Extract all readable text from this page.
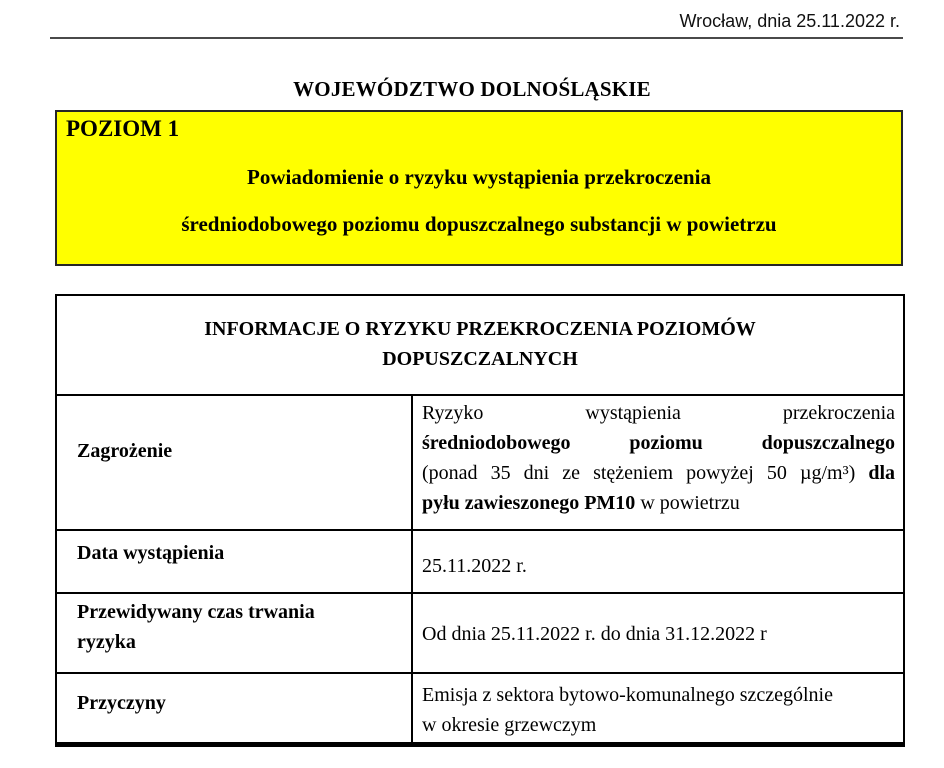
Wrocław, dnia 25.11.2022 r.
WOJEWÓDZTWO DOLNOŚLĄSKIE
POZIOM 1
Powiadomienie o ryzyku wystąpienia przekroczenia
średniodobowego poziomu dopuszczalnego substancji w powietrzu
INFORMACJE O RYZYKU PRZEKROCZENIA POZIOMÓW
DOPUSZCZALNYCH	

Zagrożenie	Ryzyko wystąpienia przekroczenia
średniodobowego poziomu dopuszczalnego
(ponad 35 dni ze stężeniem powyżej 50 µg/m³) dla
pyłu zawieszonego PM10 w powietrzu

Data wystąpienia	25.11.2022 r.

Przewidywany czas trwania ryzyka	Od dnia 25.11.2022 r. do dnia 31.12.2022 r

Przyczyny	Emisja z sektora bytowo-komunalnego szczególnie
w okresie grzewczym
